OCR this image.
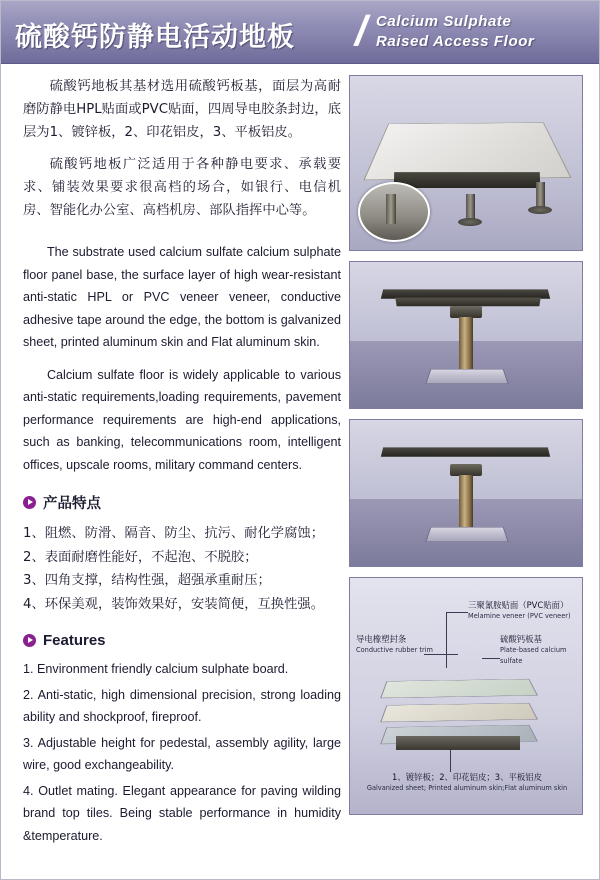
硫酸钙防静电活动地板 / Calcium Sulphate
Raised Access Floor

硫酸钙地板其基材选用硫酸钙板基，面层为高耐磨防静电HPL贴面或PVC贴面，四周导电胶条封边，底层为1、镀锌板，2、印花铝皮，3、平板铝皮。

硫酸钙地板广泛适用于各种静电要求、承载要求、铺装效果要求很高档的场合，如银行、电信机房、智能化办公室、高档机房、部队指挥中心等。

The substrate used calcium sulfate calcium sulphate floor panel base, the surface layer of high wear-resistant anti-static HPL or PVC veneer veneer, conductive adhesive tape around the edge, the bottom is galvanized sheet, printed aluminum skin and Flat aluminum skin.

Calcium sulfate floor is widely applicable to various anti-static requirements,loading requirements, pavement performance requirements are high-end applications, such as banking, telecommunications room, intelligent offices, upscale rooms, military command centers.

产品特点
1、阻燃、防滑、隔音、防尘、抗污、耐化学腐蚀；
2、表面耐磨性能好，不起泡、不脱胶；
3、四角支撑，结构性强，超强承重耐压；
4、环保美观，装饰效果好，安装简便，互换性强。
Features
1. Environment friendly calcium sulphate board.
2. Anti-static, high dimensional precision, strong loading ability and shockproof, fireproof.
3. Adjustable height for pedestal, assembly agility, large wire, good exchangeability.
4. Outlet mating. Elegant appearance for paving wilding brand top tiles. Being stable performance in humidity &temperature.
三聚氰胺贴面（PVC贴面）
Melamine veneer (PVC veneer)
导电橡塑封条
Conductive rubber trim
硫酸钙板基
Plate-based calcium sulfate
1、镀锌板；2、印花铝皮；3、平板铝皮
Galvanized sheet; Printed aluminum skin;Flat aluminum skin
